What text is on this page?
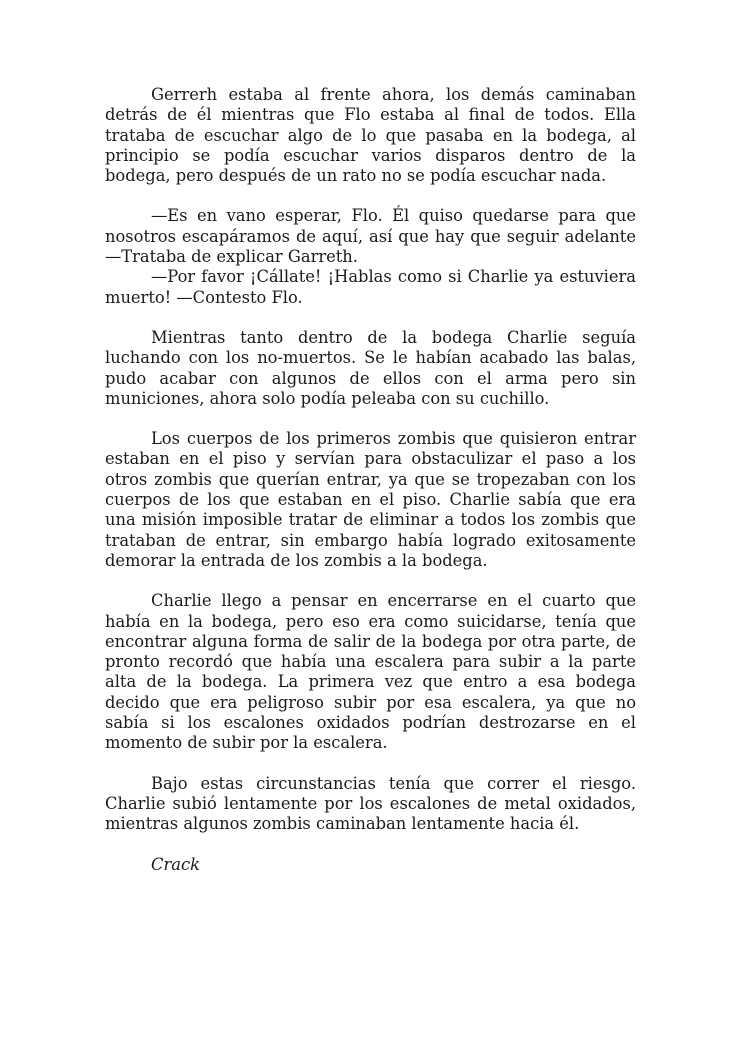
Gerrerh estaba al frente ahora, los demás caminaban detrás de él mientras que Flo estaba al final de todos. Ella trataba de escuchar algo de lo que pasaba en la bodega, al principio se podía escuchar varios disparos dentro de la bodega, pero después de un rato no se podía escuchar nada.

—Es en vano esperar, Flo. Él quiso quedarse para que nosotros escapáramos de aquí, así que hay que seguir adelante —Trataba de explicar Garreth.

—Por favor ¡Cállate! ¡Hablas como si Charlie ya estuviera muerto! —Contesto Flo.

Mientras tanto dentro de la bodega Charlie seguía luchando con los no-muertos. Se le habían acabado las balas, pudo acabar con algunos de ellos con el arma pero sin municiones, ahora solo podía peleaba con su cuchillo.

Los cuerpos de los primeros zombis que quisieron entrar estaban en el piso y servían para obstaculizar el paso a los otros zombis que querían entrar, ya que se tropezaban con los cuerpos de los que estaban en el piso. Charlie sabía que era una misión imposible tratar de eliminar a todos los zombis que trataban de entrar, sin embargo había logrado exitosamente demorar la entrada de los zombis a la bodega.

Charlie llego a pensar en encerrarse en el cuarto que había en la bodega, pero eso era como suicidarse, tenía que encontrar alguna forma de salir de la bodega por otra parte, de pronto recordó que había una escalera para subir a la parte alta de la bodega. La primera vez que entro a esa bodega decido que era peligroso subir por esa escalera, ya que no sabía si los escalones oxidados podrían destrozarse en el momento de subir por la escalera.

Bajo estas circunstancias tenía que correr el riesgo. Charlie subió lentamente por los escalones de metal oxidados, mientras algunos zombis caminaban lentamente hacia él.

Crack
